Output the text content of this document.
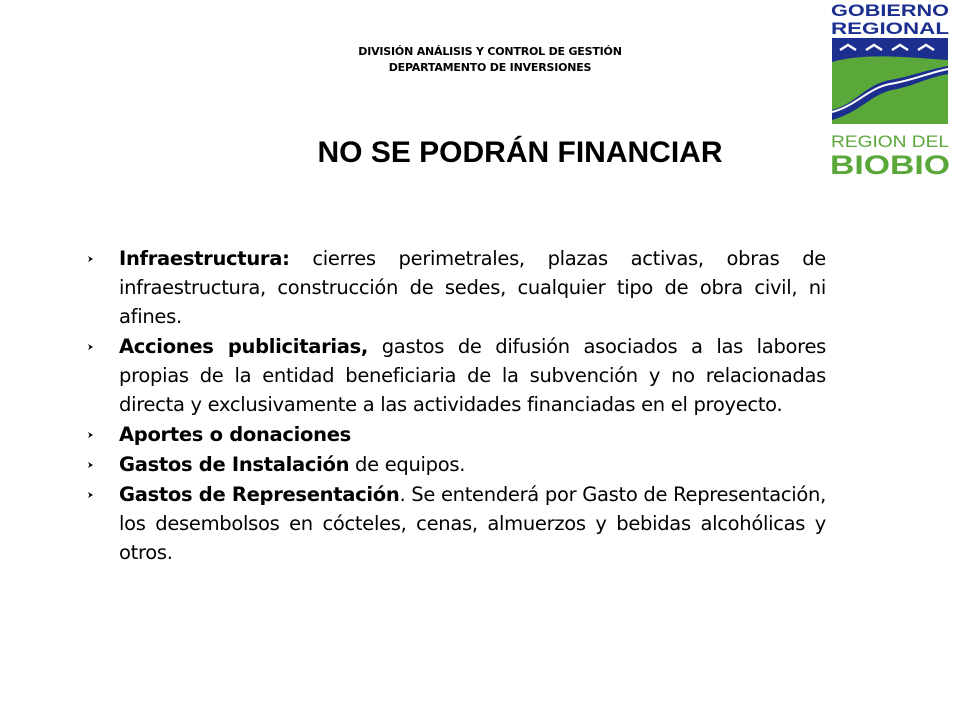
DIVISIÓN ANÁLISIS Y CONTROL DE GESTIÓN
DEPARTAMENTO DE INVERSIONES
NO SE PODRÁN FINANCIAR
GOBIERNO
REGIONAL
REGION DEL
BIOBIO
Infraestructura: cierres perimetrales, plazas activas, obras de infraestructura, construcción de sedes, cualquier tipo de obra civil, ni afines.
Acciones publicitarias, gastos de difusión asociados a las labores propias de la entidad beneficiaria de la subvención y no relacionadas directa y exclusivamente a las actividades financiadas en el proyecto.
Aportes o donaciones
Gastos de Instalación de equipos.
Gastos de Representación. Se entenderá por Gasto de Representación, los desembolsos en cócteles, cenas, almuerzos y bebidas alcohólicas y otros.
